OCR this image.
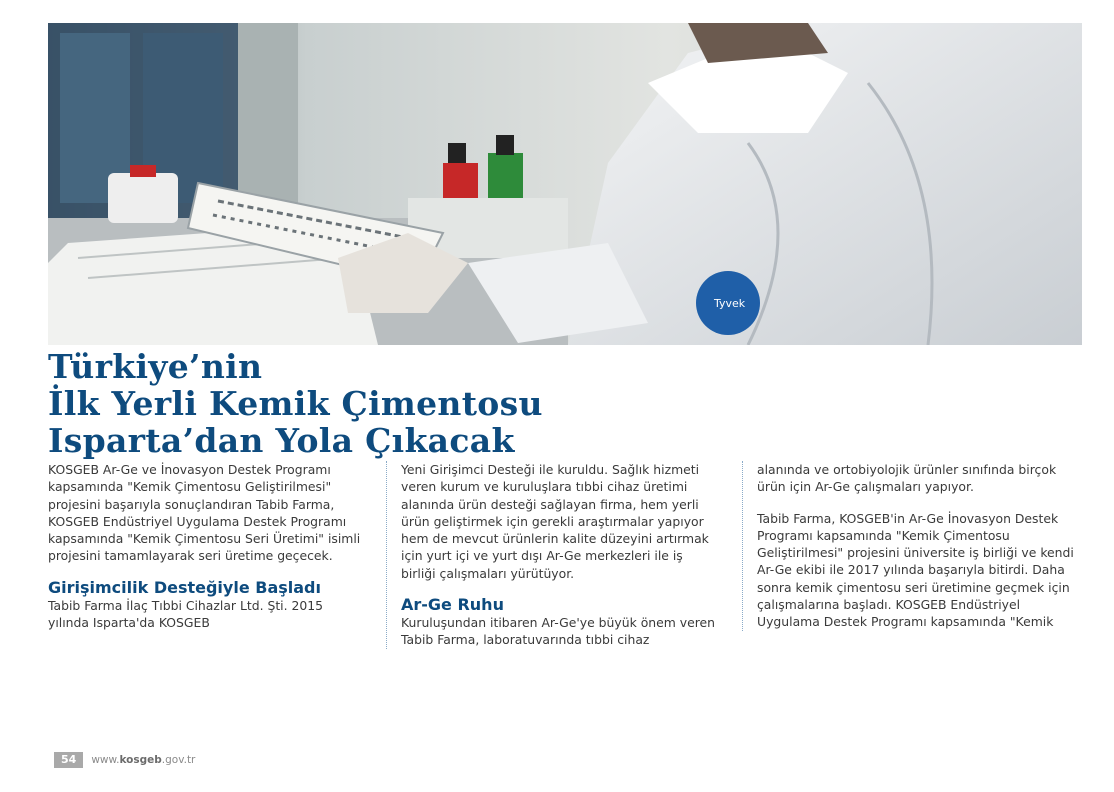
Tyvek
Türkiye’nin
İlk Yerli Kemik Çimentosu
Isparta’dan Yola Çıkacak

KOSGEB Ar-Ge ve İnovasyon Destek Programı kapsamında "Kemik Çimentosu Geliştirilmesi" projesini başarıyla sonuçlandıran Tabib Farma, KOSGEB Endüstriyel Uygulama Destek Programı kapsamında "Kemik Çimentosu Seri Üretimi" isimli projesini tamamlayarak seri üretime geçecek.

Girişimcilik Desteğiyle Başladı

Tabib Farma İlaç Tıbbi Cihazlar Ltd. Şti. 2015 yılında Isparta'da KOSGEB

Yeni Girişimci Desteği ile kuruldu. Sağlık hizmeti veren kurum ve kuruluşlara tıbbi cihaz üretimi alanında ürün desteği sağlayan firma, hem yerli ürün geliştirmek için gerekli araştırmalar yapıyor hem de mevcut ürünlerin kalite düzeyini artırmak için yurt içi ve yurt dışı Ar-Ge merkezleri ile iş birliği çalışmaları yürütüyor.

Ar-Ge Ruhu

Kuruluşundan itibaren Ar-Ge'ye büyük önem veren Tabib Farma, laboratuvarında tıbbi cihaz

alanında ve ortobiyolojik ürünler sınıfında birçok ürün için Ar-Ge çalışmaları yapıyor.

Tabib Farma, KOSGEB'in Ar-Ge İnovasyon Destek Programı kapsamında "Kemik Çimentosu Geliştirilmesi" projesini üniversite iş birliği ve kendi Ar-Ge ekibi ile 2017 yılında başarıyla bitirdi. Daha sonra kemik çimentosu seri üretimine geçmek için çalışmalarına başladı. KOSGEB Endüstriyel Uygulama Destek Programı kapsamında "Kemik

54	www.kosgeb.gov.tr
